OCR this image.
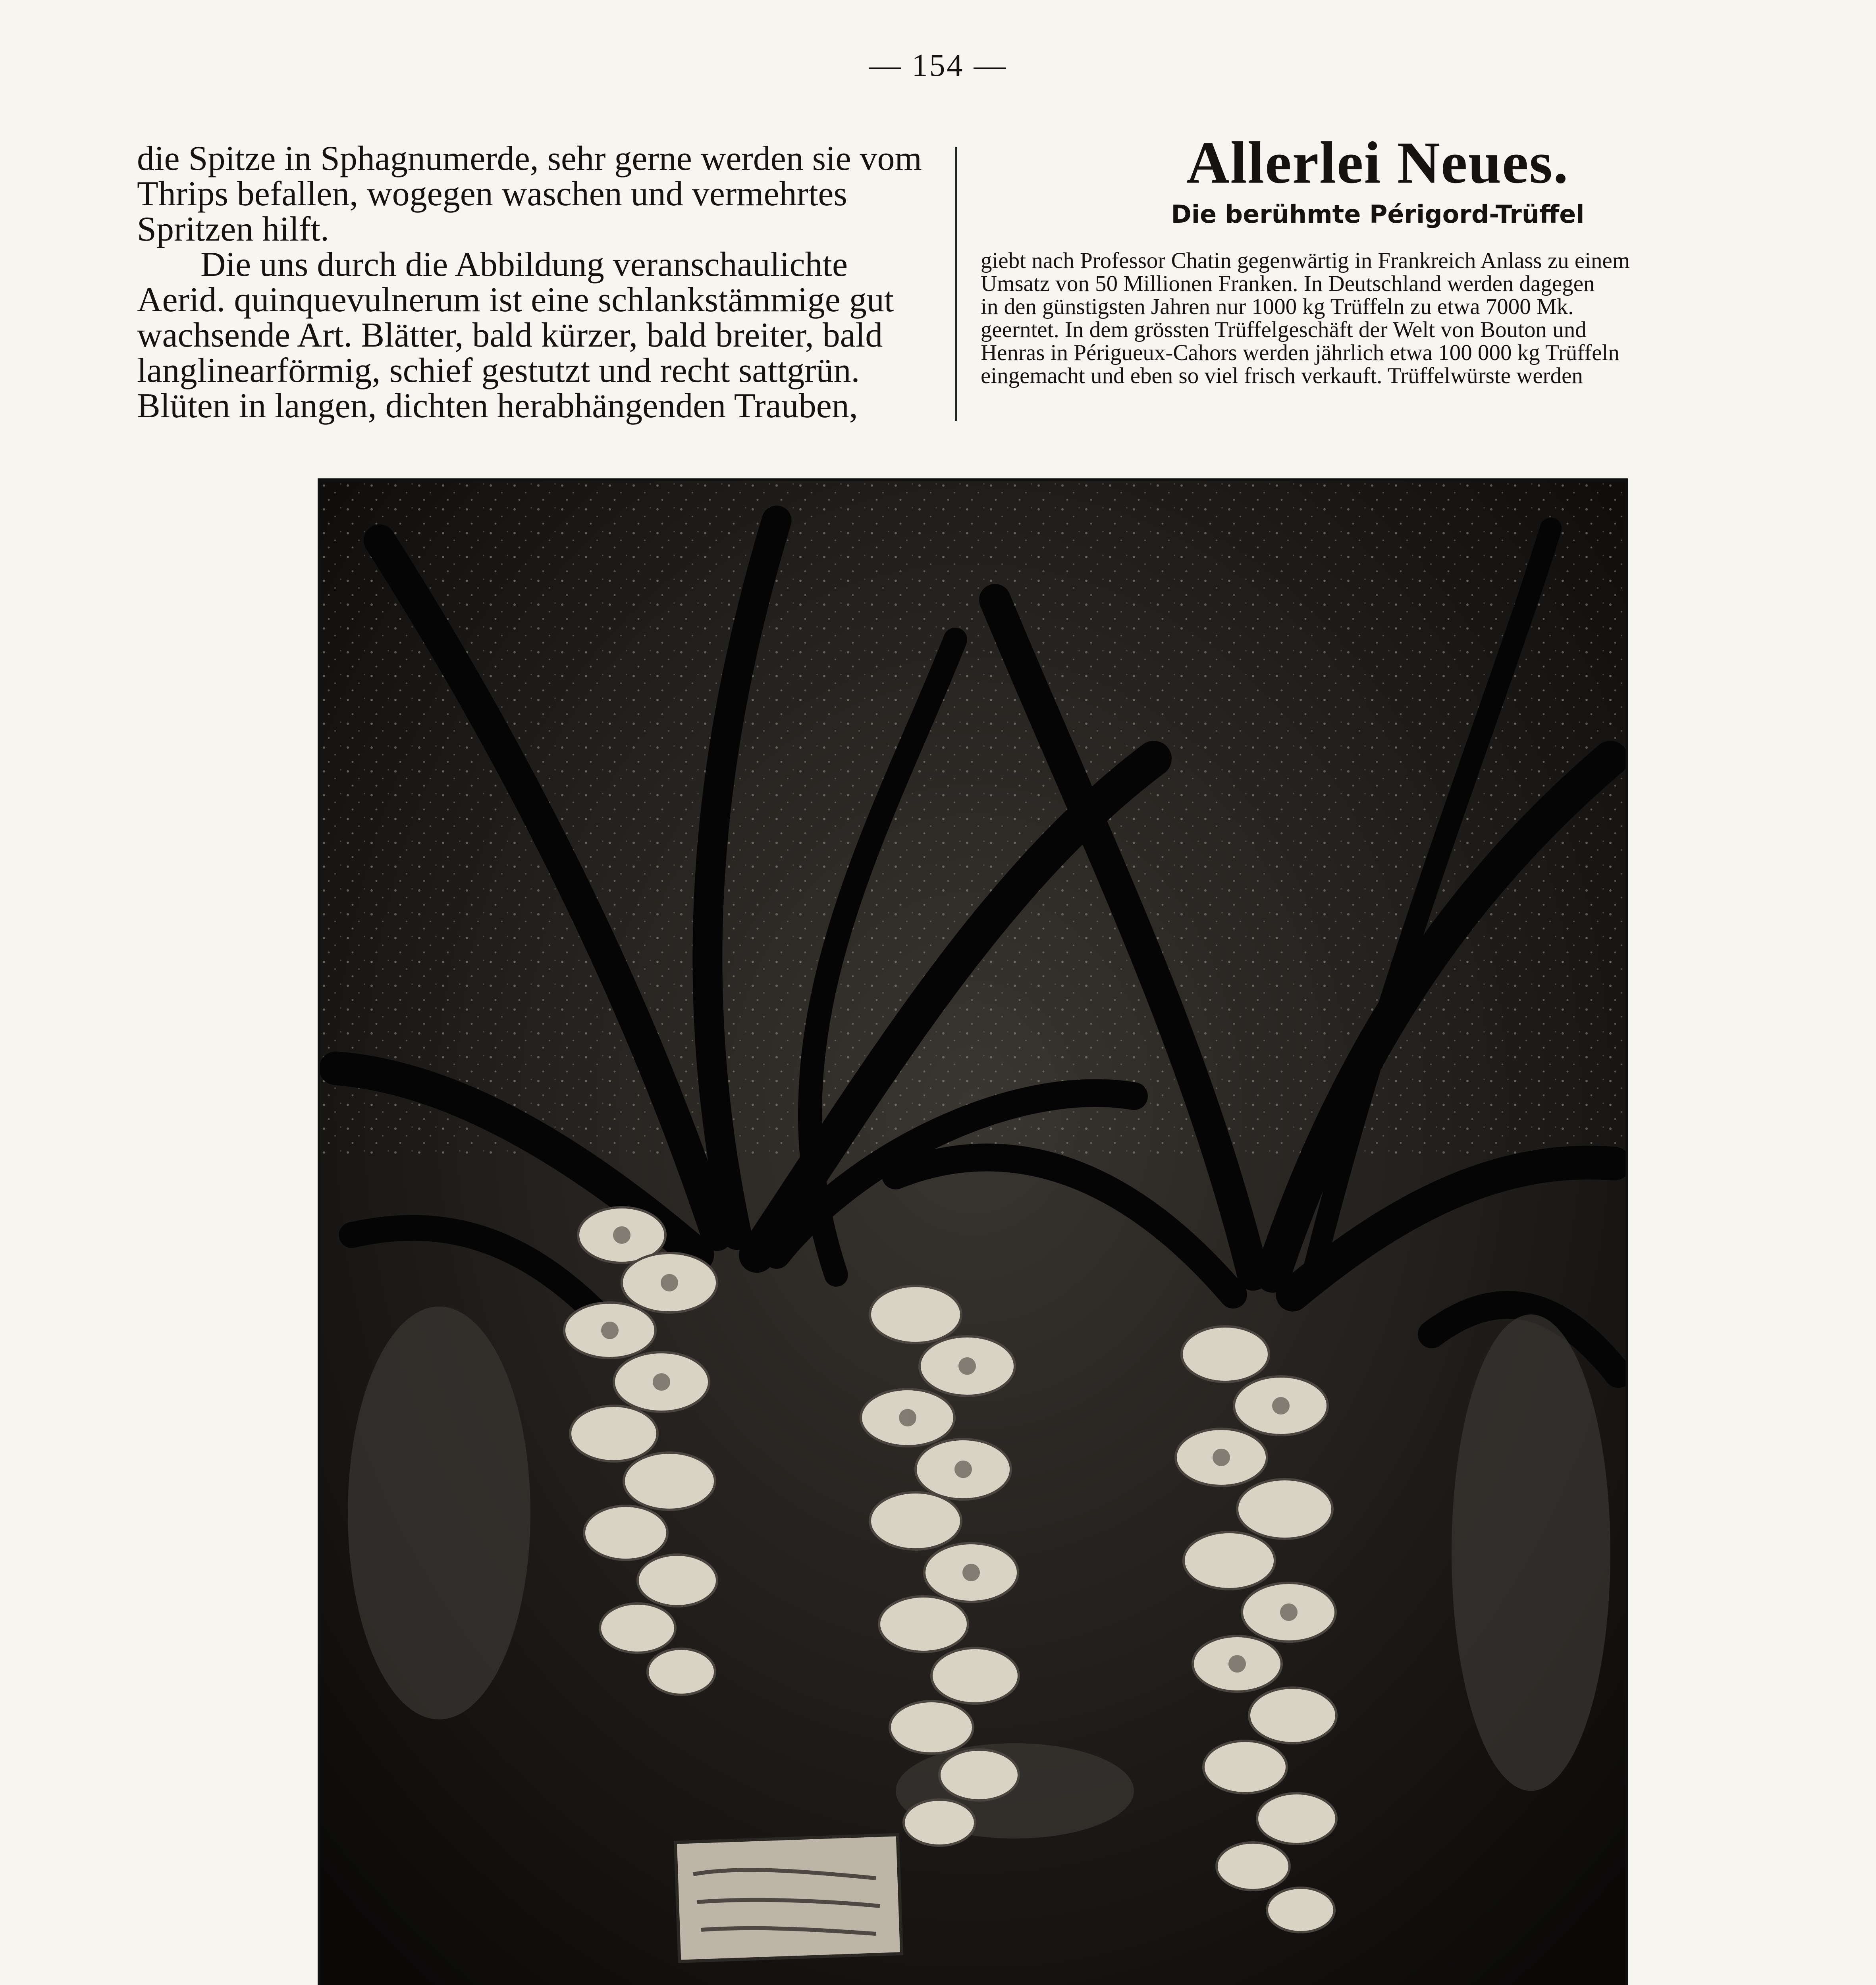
— 154 —

die Spitze in Sphagnumerde, sehr gerne werden sie vom

Thrips befallen, wogegen waschen und vermehrtes

Spritzen hilft.

Die uns durch die Abbildung veranschaulichte

Aerid. quinquevulnerum ist eine schlankstämmige gut

wachsende Art. Blätter, bald kürzer, bald breiter, bald

langlinearförmig, schief gestutzt und recht sattgrün.

Blüten in langen, dichten herabhängenden Trauben,

Allerlei Neues.
Die berühmte Périgord-Trüffel

giebt nach Professor Chatin gegenwärtig in Frankreich Anlass zu einem

Umsatz von 50 Millionen Franken. In Deutschland werden dagegen

in den günstigsten Jahren nur 1000 kg Trüffeln zu etwa 7000 Mk.

geerntet. In dem grössten Trüffelgeschäft der Welt von Bouton und

Henras in Périgueux-Cahors werden jährlich etwa 100 000 kg Trüffeln

eingemacht und eben so viel frisch verkauft. Trüffelwürste werden
